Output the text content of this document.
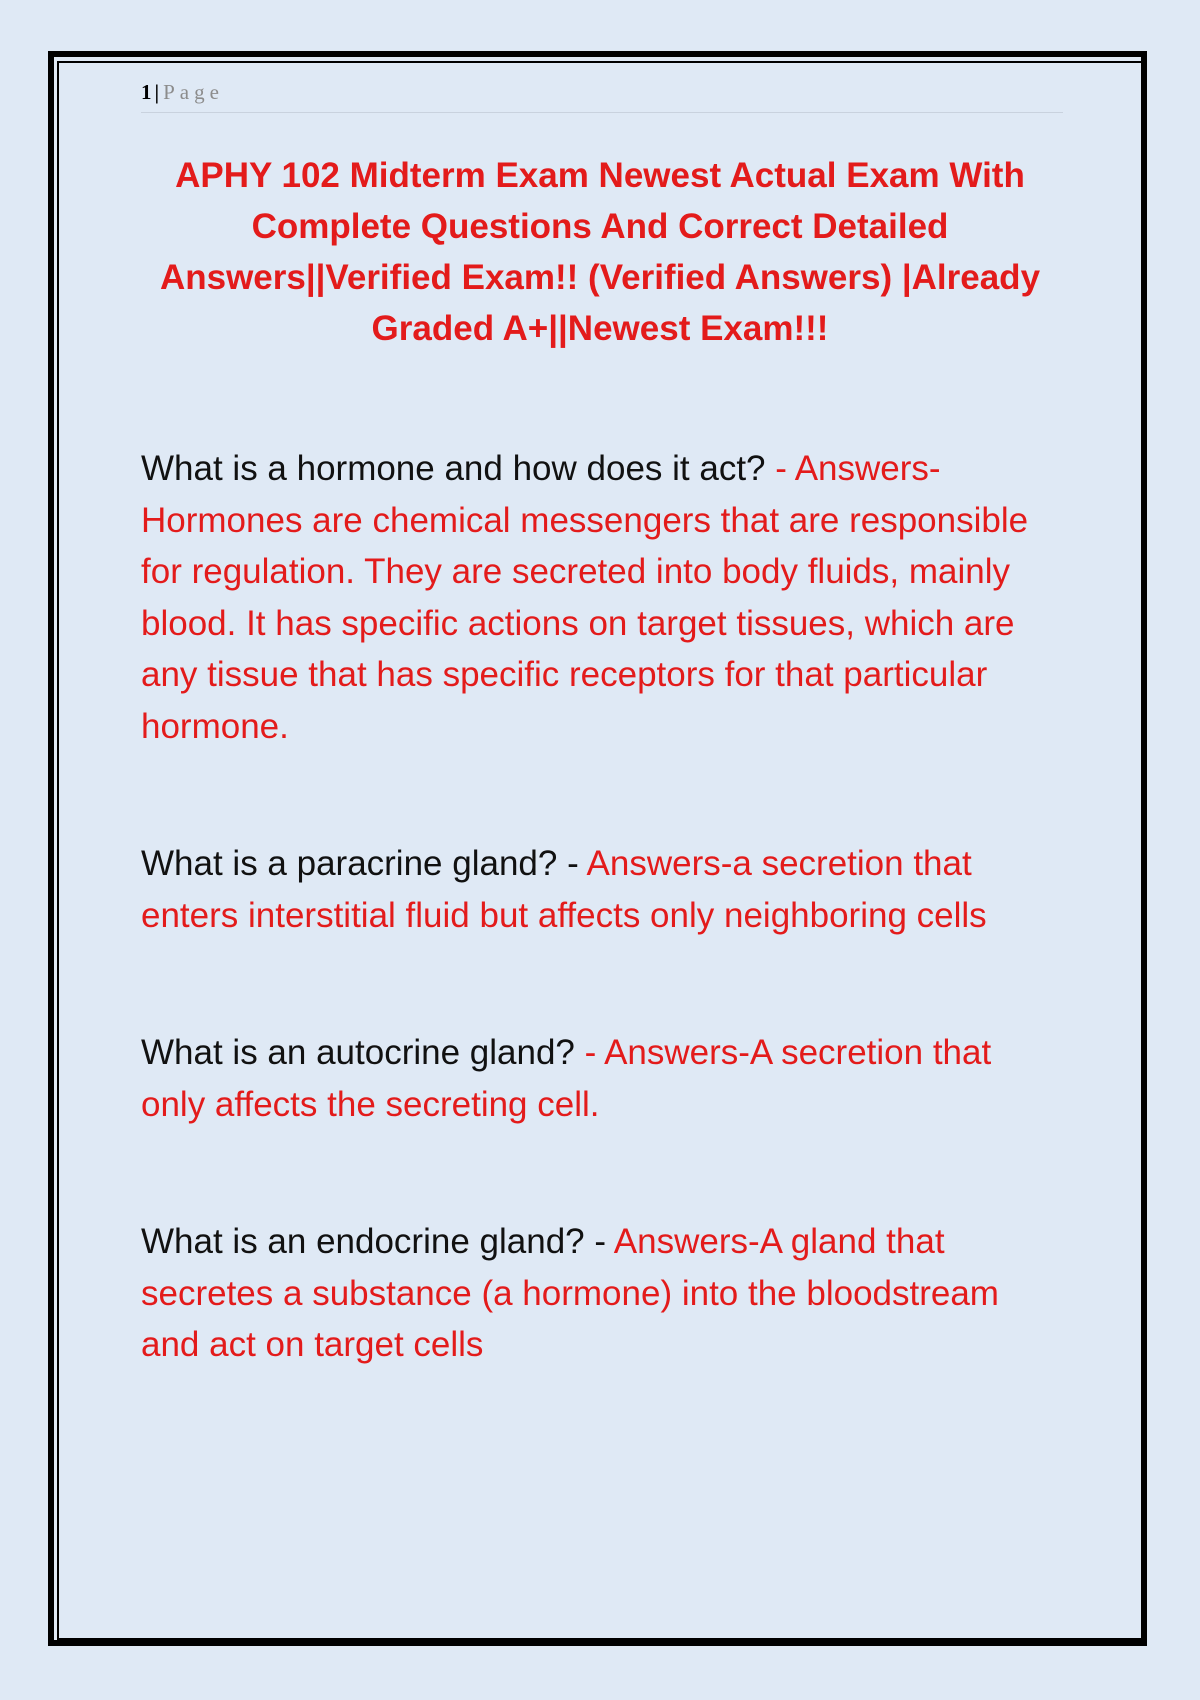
1 | Page
APHY 102 Midterm Exam Newest Actual Exam With Complete Questions And Correct Detailed Answers||Verified Exam!! (Verified Answers) |Already Graded A+||Newest Exam!!!

What is a hormone and how does it act? - Answers-Hormones are chemical messengers that are responsible for regulation. They are secreted into body fluids, mainly blood. It has specific actions on target tissues, which are any tissue that has specific receptors for that particular hormone.

What is a paracrine gland? - Answers-a secretion that enters interstitial fluid but affects only neighboring cells

What is an autocrine gland? - Answers-A secretion that only affects the secreting cell.

What is an endocrine gland? - Answers-A gland that secretes a substance (a hormone) into the bloodstream and act on target cells
